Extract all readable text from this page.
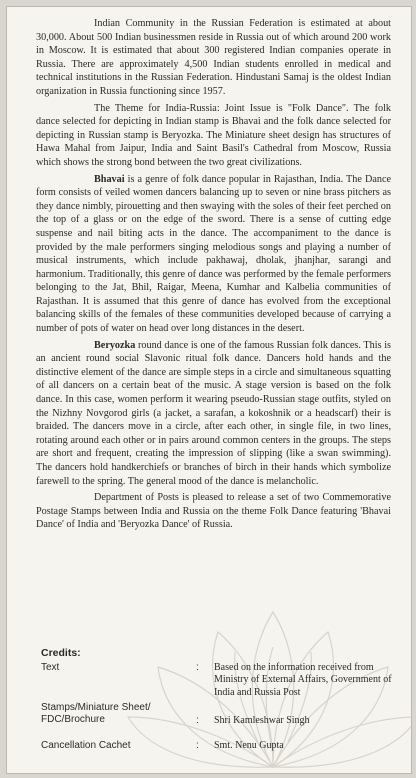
Indian Community in the Russian Federation is estimated at about 30,000. About 500 Indian businessmen reside in Russia out of which around 200 work in Moscow. It is estimated that about 300 registered Indian companies operate in Russia. There are approximately 4,500 Indian students enrolled in medical and technical institutions in the Russian Federation. Hindustani Samaj is the oldest Indian organization in Russia functioning since 1957.

The Theme for India-Russia: Joint Issue is "Folk Dance". The folk dance selected for depicting in Indian stamp is Bhavai and the folk dance selected for depicting in Russian stamp is Beryozka. The Miniature sheet design has structures of Hawa Mahal from Jaipur, India and Saint Basil's Cathedral from Moscow, Russia which shows the strong bond between the two great civilizations.

Bhavai is a genre of folk dance popular in Rajasthan, India. The Dance form consists of veiled women dancers balancing up to seven or nine brass pitchers as they dance nimbly, pirouetting and then swaying with the soles of their feet perched on the top of a glass or on the edge of the sword. There is a sense of cutting edge suspense and nail biting acts in the dance. The accompaniment to the dance is provided by the male performers singing melodious songs and playing a number of musical instruments, which include pakhawaj, dholak, jhanjhar, sarangi and harmonium. Traditionally, this genre of dance was performed by the female performers belonging to the Jat, Bhil, Raigar, Meena, Kumhar and Kalbelia communities of Rajasthan. It is assumed that this genre of dance has evolved from the exceptional balancing skills of the females of these communities developed because of carrying a number of pots of water on head over long distances in the desert.

Beryozka round dance is one of the famous Russian folk dances. This is an ancient round social Slavonic ritual folk dance. Dancers hold hands and the distinctive element of the dance are simple steps in a circle and simultaneous squatting of all dancers on a certain beat of the music. A stage version is based on the folk dance. In this case, women perform it wearing pseudo-Russian stage outfits, styled on the Nizhny Novgorod girls (a jacket, a sarafan, a kokoshnik or a headscarf) their is braided. The dancers move in a circle, after each other, in single file, in two lines, rotating around each other or in pairs around common centers in the groups. The steps are short and frequent, creating the impression of slipping (like a swan swimming). The dancers hold handkerchiefs or branches of birch in their hands which symbolize farewell to the spring. The general mood of the dance is melancholic.

Department of Posts is pleased to release a set of two Commemorative Postage Stamps between India and Russia on the theme Folk Dance featuring 'Bhavai Dance' of India and 'Beryozka Dance' of Russia.

Credits:
Text	: Based on the information received from Ministry of External Affairs, Government of India and Russia Post
Stamps/Miniature Sheet/ FDC/Brochure	: Shri Kamleshwar Singh
Cancellation Cachet	: Smt. Nenu Gupta
